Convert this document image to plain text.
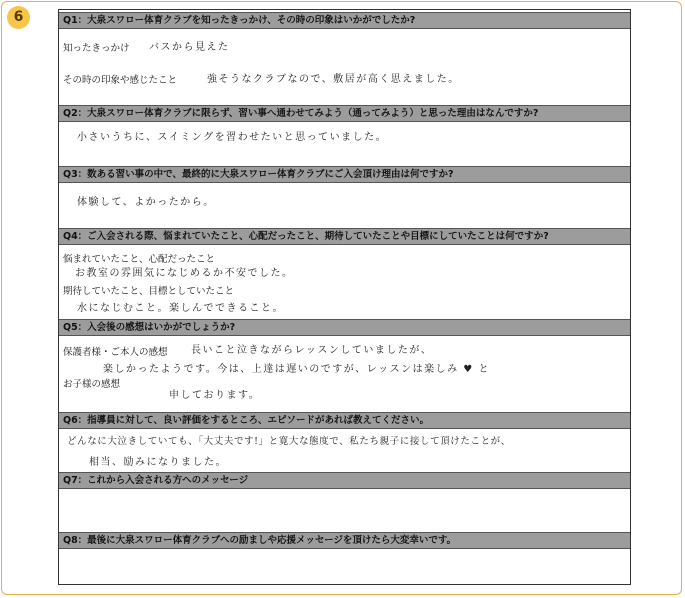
6	Q1：大泉スワロー体育クラブを知ったきっかけ、その時の印象はいかがでしたか?
知ったきっかけ バスから見えた
その時の印象や感じたこと	強そうなクラブなので、敷居が高く思えました。
Q2：大泉スワロー体育クラブに限らず、習い事へ通わせてみよう（通ってみよう）と思った理由はなんですか?
小さいうちに、スイミングを習わせたいと思っていました。
Q3：数ある習い事の中で、最終的に大泉スワロー体育クラブにご入会頂け理由は何ですか?
体験して、よかったから。
Q4：ご入会される際、悩まれていたこと、心配だったこと、期待していたことや目標にしていたことは何ですか?
悩まれていたこと、心配だったこと
お教室の雰囲気になじめるか不安でした。
期待していたこと、目標としていたこと
水になじむこと。楽しんでできること。
Q5：入会後の感想はいかがでしょうか?
保護者様・ご本人の感想 長いこと泣きながらレッスンしていましたが、
楽しかったようです。今は、上達は遅いのですが、レッスンは楽しみ ♥ と
お子様の感想
申しております。
Q6：指導員に対して、良い評価をするところ、エピソードがあれば教えてください。
どんなに大泣きしていても、「大丈夫です!」と寛大な態度で、私たち親子に接して頂けたことが、
相当、励みになりました。
Q7：これから入会される方へのメッセージ
Q8：最後に大泉スワロー体育クラブへの励ましや応援メッセージを頂けたら大変幸いです。
